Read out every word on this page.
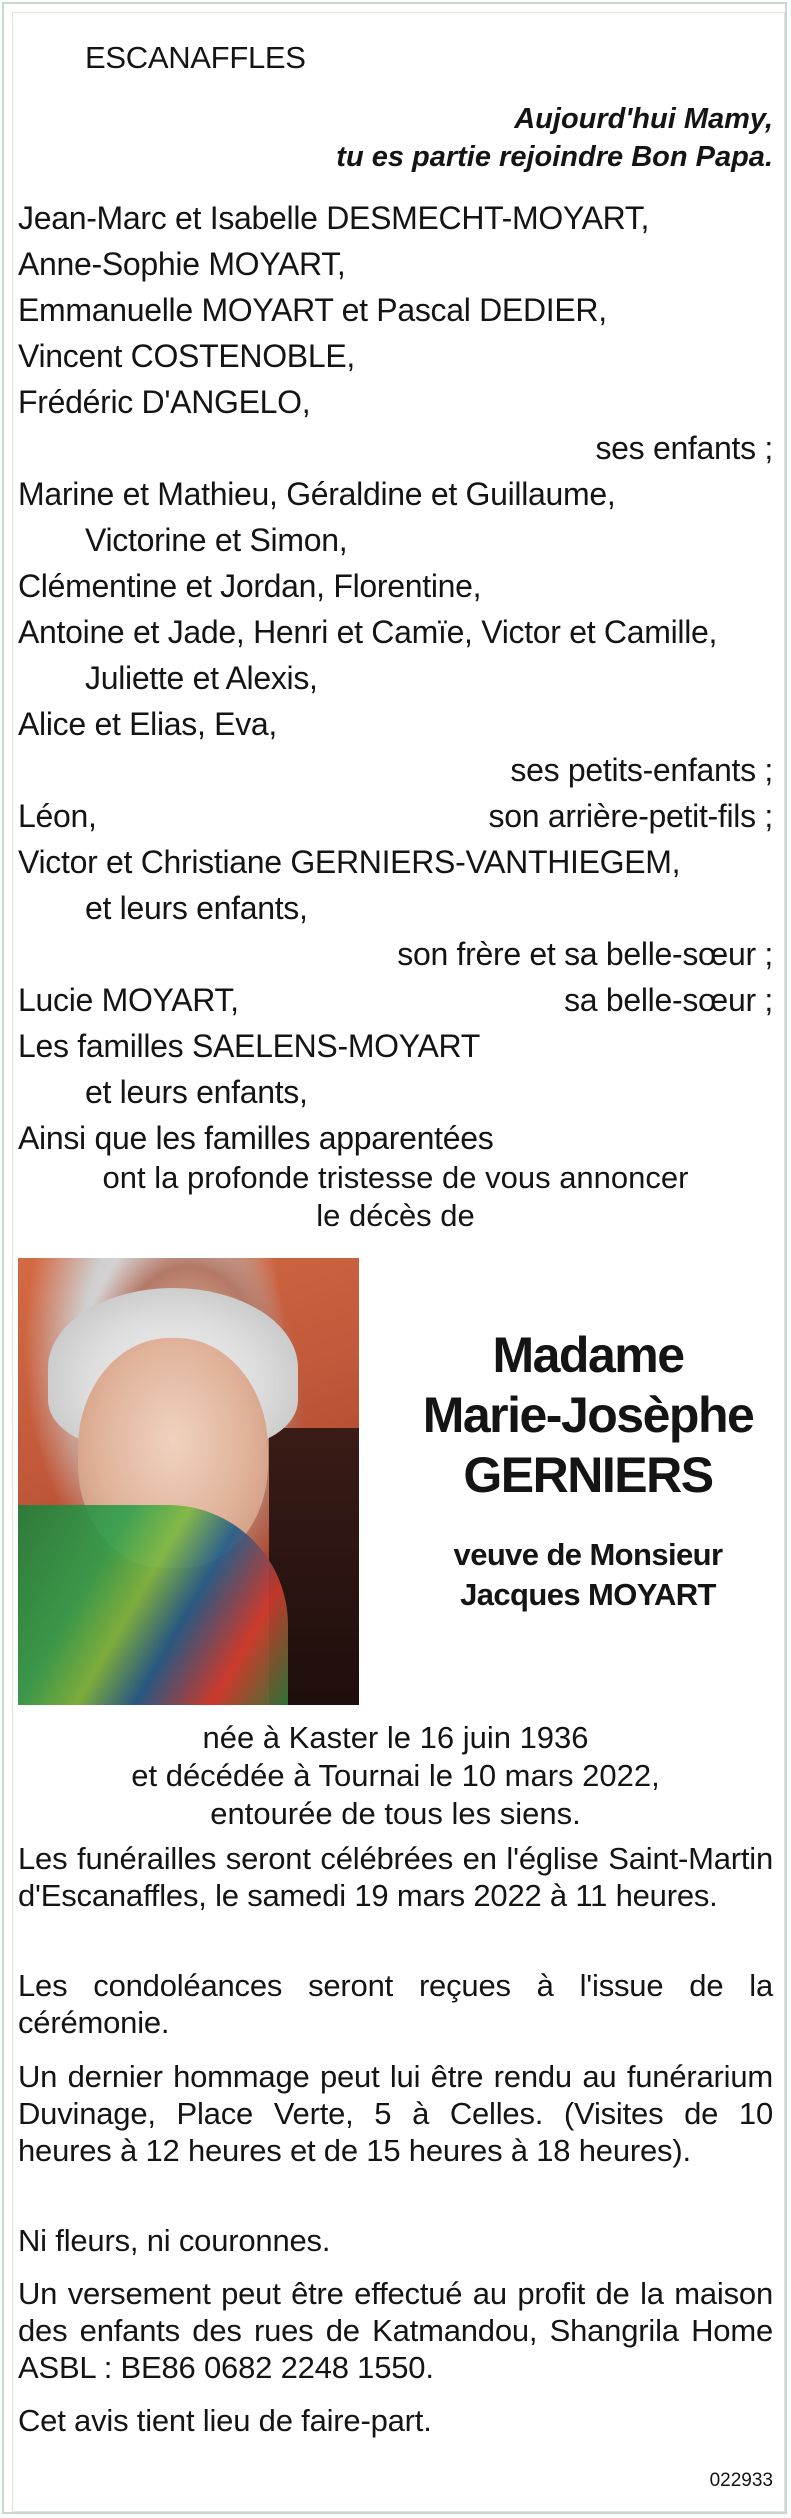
ESCANAFFLES
Aujourd'hui Mamy,
tu es partie rejoindre Bon Papa.
Jean-Marc et Isabelle DESMECHT-MOYART,
Anne-Sophie MOYART,
Emmanuelle MOYART et Pascal DEDIER,
Vincent COSTENOBLE,
Frédéric D'ANGELO,
ses enfants ;
Marine et Mathieu, Géraldine et Guillaume,
Victorine et Simon,
Clémentine et Jordan, Florentine,
Antoine et Jade, Henri et Camïe, Victor et Camille,
Juliette et Alexis,
Alice et Elias, Eva,
ses petits-enfants ;
Léon,	son arrière-petit-fils ;
Victor et Christiane GERNIERS-VANTHIEGEM,
et leurs enfants,
son frère et sa belle-sœur ;
Lucie MOYART,	sa belle-sœur ;
Les familles SAELENS-MOYART
et leurs enfants,
Ainsi que les familles apparentées
ont la profonde tristesse de vous annoncer
le décès de
Madame
Marie-Josèphe
GERNIERS
veuve de Monsieur
Jacques MOYART
née à Kaster le 16 juin 1936
et décédée à Tournai le 10 mars 2022,
entourée de tous les siens.
Les funérailles seront célébrées en l'église Saint-Martin d'Escanaffles, le samedi 19 mars 2022 à 11 heures.
Les condoléances seront reçues à l'issue de la cérémonie.
Un dernier hommage peut lui être rendu au funérarium Duvinage, Place Verte, 5 à Celles. (Visites de 10 heures à 12 heures et de 15 heures à 18 heures).
Ni fleurs, ni couronnes.
Un versement peut être effectué au profit de la maison des enfants des rues de Katmandou, Shangrila Home ASBL : BE86 0682 2248 1550.
Cet avis tient lieu de faire-part.
022933
